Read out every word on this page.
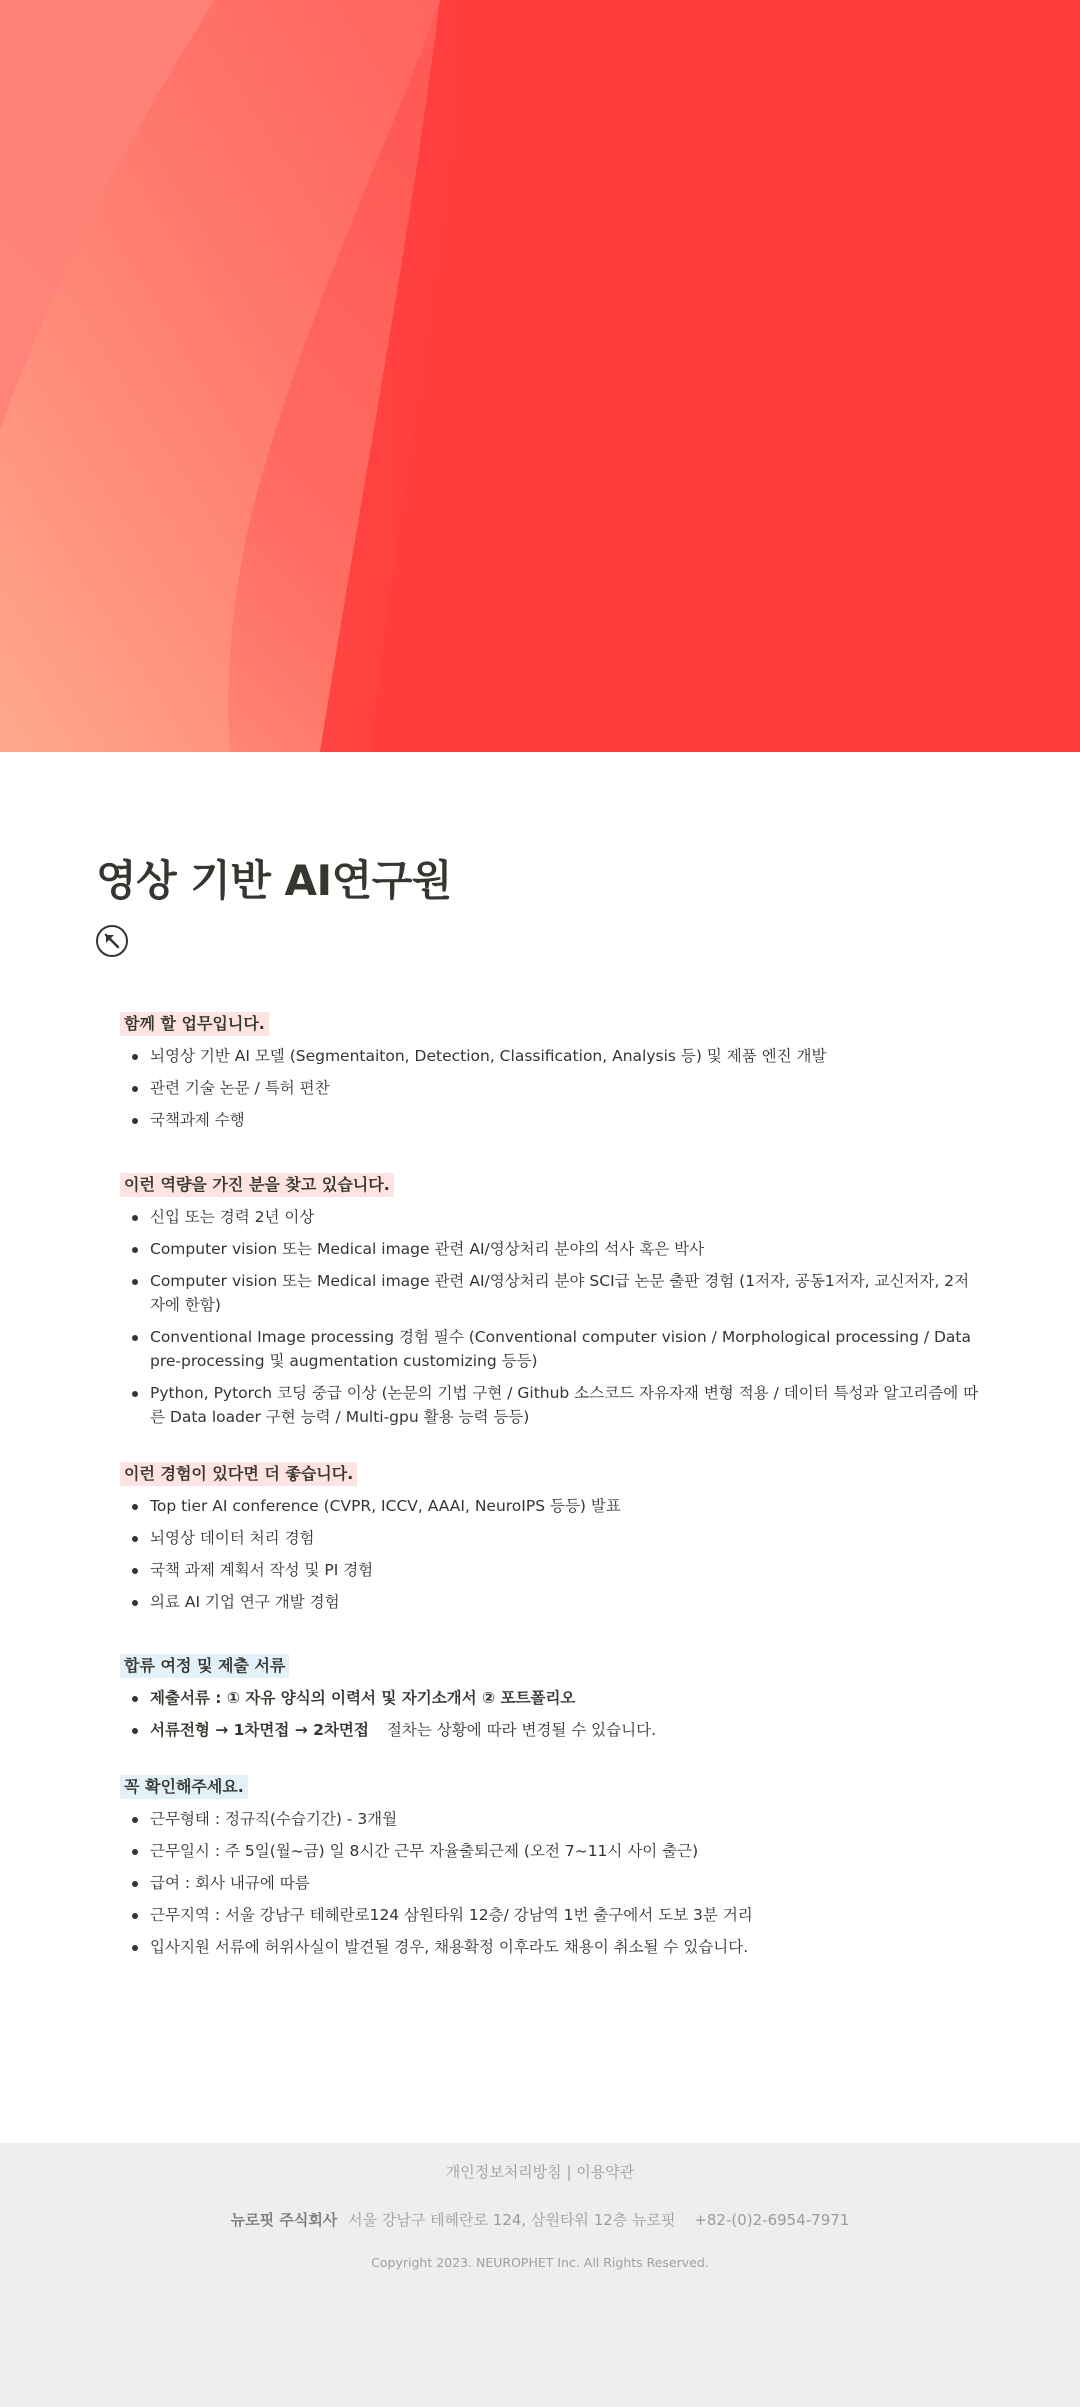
영상 기반 AI연구원
함께 할 업무입니다.
뇌영상 기반 AI 모델 (Segmentaiton, Detection, Classification, Analysis 등) 및 제품 엔진 개발
관련 기술 논문 / 특허 편찬
국책과제 수행
이런 역량을 가진 분을 찾고 있습니다.
신입 또는 경력 2년 이상
Computer vision 또는 Medical image 관련 AI/영상처리 분야의 석사 혹은 박사
Computer vision 또는 Medical image 관련 AI/영상처리 분야 SCI급 논문 출판 경험 (1저자, 공동1저자, 교신저자, 2저자에 한함)
Conventional Image processing 경험 필수 (Conventional computer vision / Morphological processing / Data pre-processing 및 augmentation customizing 등등)
Python, Pytorch 코딩 중급 이상 (논문의 기법 구현 / Github 소스코드 자유자재 변형 적용 / 데이터 특성과 알고리즘에 따른 Data loader 구현 능력 / Multi-gpu 활용 능력 등등)
이런 경험이 있다면 더 좋습니다.
Top tier AI conference (CVPR, ICCV, AAAI, NeuroIPS 등등) 발표
뇌영상 데이터 처리 경험
국책 과제 계획서 작성 및 PI 경험
의료 AI 기업 연구 개발 경험
합류 여정 및 제출 서류
제출서류 : ① 자유 양식의 이력서 및 자기소개서 ② 포트폴리오
서류전형 → 1차면접 → 2차면접 절차는 상황에 따라 변경될 수 있습니다.
꼭 확인해주세요.
근무형태 : 정규직(수습기간) - 3개월
근무일시 : 주 5일(월~금) 일 8시간 근무 자율출퇴근제 (오전 7~11시 사이 출근)
급여 : 회사 내규에 따름
근무지역 : 서울 강남구 테헤란로124 삼원타워 12층/ 강남역 1번 출구에서 도보 3분 거리
입사지원 서류에 허위사실이 발견될 경우, 채용확정 이후라도 채용이 취소될 수 있습니다.
개인정보처리방침 | 이용약관
뉴로핏 주식회사 서울 강남구 테헤란로 124, 삼원타워 12층 뉴로핏 +82-(0)2-6954-7971
Copyright 2023. NEUROPHET Inc. All Rights Reserved.
